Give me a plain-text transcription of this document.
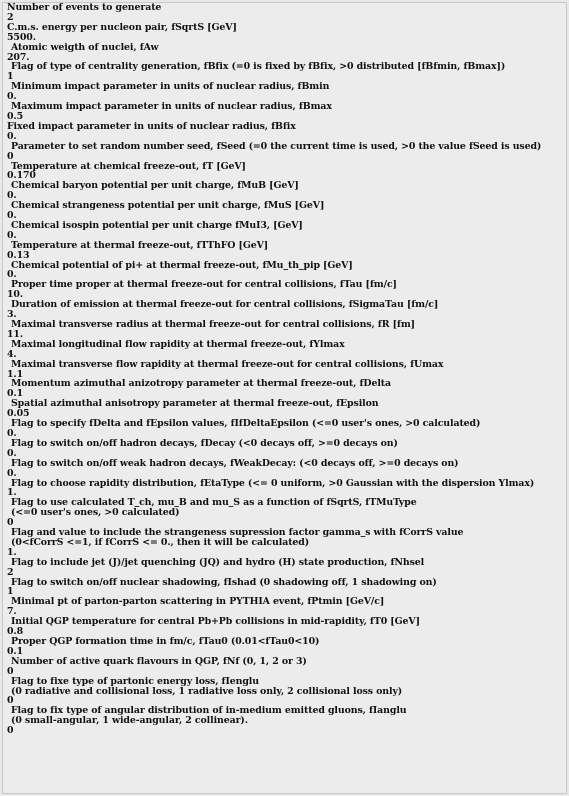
Number of events to generate
2
C.m.s. energy per nucleon pair, fSqrtS [GeV]
5500.
Atomic weigth of nuclei, fAw
207.
Flag of type of centrality generation, fBfix (=0 is fixed by fBfix, >0 distributed [fBfmin, fBmax])
1
Minimum impact parameter in units of nuclear radius, fBmin
0.
Maximum impact parameter in units of nuclear radius, fBmax
0.5
Fixed impact parameter in units of nuclear radius, fBfix
0.
Parameter to set random number seed, fSeed (=0 the current time is used, >0 the value fSeed is used)
0
Temperature at chemical freeze-out, fT [GeV]
0.170
Chemical baryon potential per unit charge, fMuB [GeV]
0.
Chemical strangeness potential per unit charge, fMuS [GeV]
0.
Chemical isospin potential per unit charge fMuI3, [GeV]
0.
Temperature at thermal freeze-out, fTThFO [GeV]
0.13
Chemical potential of pi+ at thermal freeze-out, fMu_th_pip [GeV]
0.
Proper time proper at thermal freeze-out for central collisions, fTau [fm/c]
10.
Duration of emission at thermal freeze-out for central collisions, fSigmaTau [fm/c]
3.
Maximal transverse radius at thermal freeze-out for central collisions, fR [fm]
11.
Maximal longitudinal flow rapidity at thermal freeze-out, fYlmax
4.
Maximal transverse flow rapidity at thermal freeze-out for central collisions, fUmax
1.1
Momentum azimuthal anizotropy parameter at thermal freeze-out, fDelta
0.1
Spatial azimuthal anisotropy parameter at thermal freeze-out, fEpsilon
0.05
Flag to specify fDelta and fEpsilon values, fIfDeltaEpsilon (<=0 user's ones, >0 calculated)
0.
Flag to switch on/off hadron decays, fDecay (<0 decays off, >=0 decays on)
0.
Flag to switch on/off weak hadron decays, fWeakDecay: (<0 decays off, >=0 decays on)
0.
Flag to choose rapidity distribution, fEtaType (<= 0 uniform, >0 Gaussian with the dispersion Ylmax)
1.
Flag to use calculated T_ch, mu_B and mu_S as a function of fSqrtS, fTMuType
(<=0 user's ones, >0 calculated)
0
Flag and value to include the strangeness supression factor gamma_s with fCorrS value
(0<fCorrS <=1, if fCorrS <= 0., then it will be calculated)
1.
Flag to include jet (J)/jet quenching (JQ) and hydro (H) state production, fNhsel
2
Flag to switch on/off nuclear shadowing, fIshad (0 shadowing off, 1 shadowing on)
1
Minimal pt of parton-parton scattering in PYTHIA event, fPtmin [GeV/c]
7.
Initial QGP temperature for central Pb+Pb collisions in mid-rapidity, fT0 [GeV]
0.8
Proper QGP formation time in fm/c, fTau0 (0.01<fTau0<10)
0.1
Number of active quark flavours in QGP, fNf (0, 1, 2 or 3)
0
Flag to fixe type of partonic energy loss, fIenglu
(0 radiative and collisional loss, 1 radiative loss only, 2 collisional loss only)
0
Flag to fix type of angular distribution of in-medium emitted gluons, fIanglu
(0 small-angular, 1 wide-angular, 2 collinear).
0
